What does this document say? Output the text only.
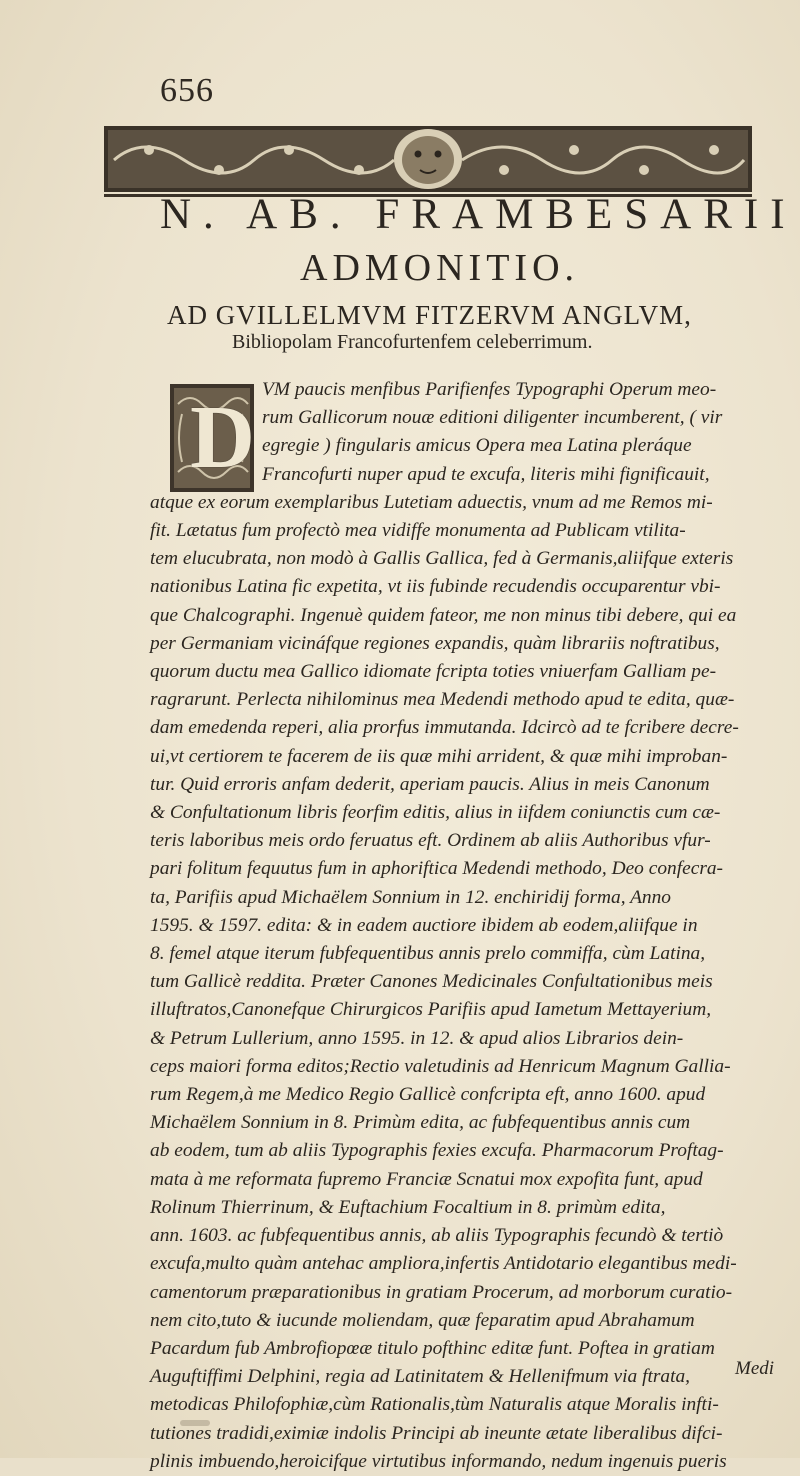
656
N. AB. FRAMBESARII
ADMONITIO.
AD GVILLELMVM FITZERVM ANGLVM,
Bibliopolam Francofurtenfem celeberrimum.

VM paucis menfibus Parifienfes Typographi Operum meo-
rum Gallicorum nouæ editioni diligenter incumberent, ( vir
egregie ) fingularis amicus Opera mea Latina pleráque
Francofurti nuper apud te excufa, literis mihi fignificauit,
atque ex eorum exemplaribus Lutetiam aduectis, vnum ad me Remos mi-
fit. Lætatus fum profectò mea vidiffe monumenta ad Publicam vtilita-
tem elucubrata, non modò à Gallis Gallica, fed à Germanis,aliifque exteris
nationibus Latina fic expetita, vt iis fubinde recudendis occuparentur vbi-
que Chalcographi. Ingenuè quidem fateor, me non minus tibi debere, qui ea
per Germaniam vicináfque regiones expandis, quàm librariis noftratibus,
quorum ductu mea Gallico idiomate fcripta toties vniuerfam Galliam pe-
ragrarunt. Perlecta nihilominus mea Medendi methodo apud te edita, quæ-
dam emedenda reperi, alia prorfus immutanda. Idcircò ad te fcribere decre-
ui,vt certiorem te facerem de iis quæ mihi arrident, & quæ mihi improban-
tur. Quid erroris anfam dederit, aperiam paucis. Alius in meis Canonum
& Confultationum libris feorfim editis, alius in iifdem coniunctis cum cæ-
teris laboribus meis ordo feruatus eft. Ordinem ab aliis Authoribus vfur-
pari folitum fequutus fum in aphoriftica Medendi methodo, Deo confecra-
ta, Parifiis apud Michaëlem Sonnium in 12. enchiridij forma, Anno
1595. & 1597. edita: & in eadem auctiore ibidem ab eodem,aliifque in
8. femel atque iterum fubfequentibus annis prelo commiffa, cùm Latina,
tum Gallicè reddita. Præter Canones Medicinales Confultationibus meis
illuftratos,Canonefque Chirurgicos Parifiis apud Iametum Mettayerium,
& Petrum Lullerium, anno 1595. in 12. & apud alios Librarios dein-
ceps maiori forma editos;Rectio valetudinis ad Henricum Magnum Gallia-
rum Regem,à me Medico Regio Gallicè confcripta eft, anno 1600. apud
Michaëlem Sonnium in 8. Primùm edita, ac fubfequentibus annis cum
ab eodem, tum ab aliis Typographis fexies excufa. Pharmacorum Proftag-
mata à me reformata fupremo Franciæ Scnatui mox expofita funt, apud
Rolinum Thierrinum, & Euftachium Focaltium in 8. primùm edita,
ann. 1603. ac fubfequentibus annis, ab aliis Typographis fecundò & tertiò
excufa,multo quàm antehac ampliora,infertis Antidotario elegantibus medi-
camentorum præparationibus in gratiam Procerum, ad morborum curatio-
nem cito,tuto & iucunde moliendam, quæ feparatim apud Abrahamum
Pacardum fub Ambrofiopœæ titulo pofthinc editæ funt. Poftea in gratiam
Auguftiffimi Delphini, regia ad Latinitatem & Hellenifmum via ftrata,
metodicas Philofophiæ,cùm Rationalis,tùm Naturalis atque Moralis infti-
tutiones tradidi,eximiæ indolis Principi ab ineunte ætate liberalibus difci-
plinis imbuendo,heroicifque virtutibus informando, nedum ingenuis pueris

D
Medi
